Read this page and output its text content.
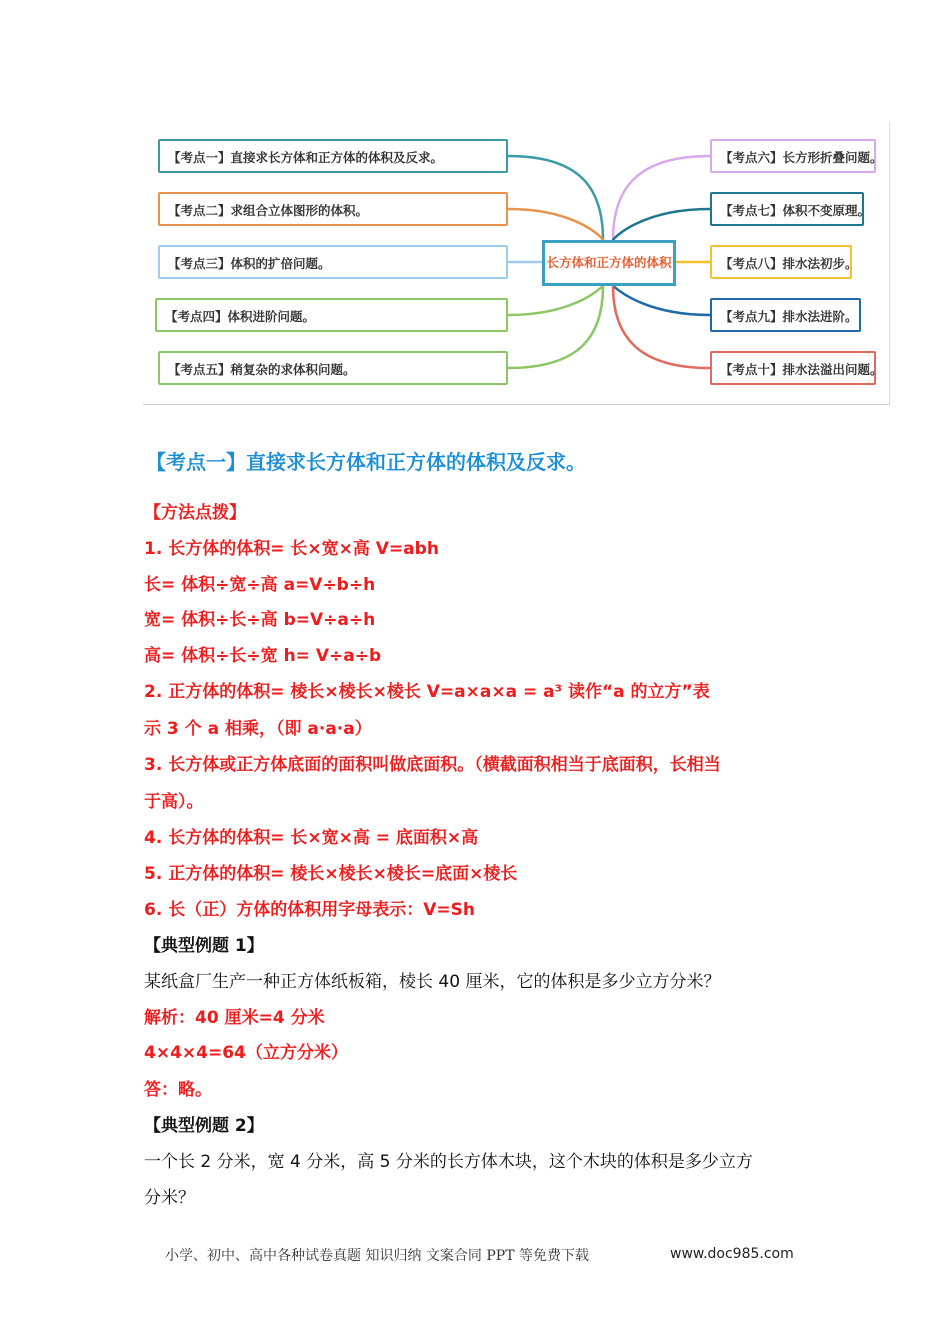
长方体和正方体的体积
【考点一】直接求长方体和正方体的体积及反求。
【考点二】求组合立体图形的体积。
【考点三】体积的扩倍问题。
【考点四】体积进阶问题。
【考点五】稍复杂的求体积问题。
【考点六】长方形折叠问题。
【考点七】体积不变原理。
【考点八】排水法初步。
【考点九】排水法进阶。
【考点十】排水法溢出问题。
【考点一】直接求长方体和正方体的体积及反求。
【方法点拨】
1. 长方体的体积= 长×宽×高 V=abh
长= 体积÷宽÷高 a=V÷b÷h
宽= 体积÷长÷高 b=V÷a÷h
高= 体积÷长÷宽 h= V÷a÷b
2. 正方体的体积= 棱长×棱长×棱长 V=a×a×a = a³ 读作“a 的立方”表
示 3 个 a 相乘，（即 a·a·a）
3. 长方体或正方体底面的面积叫做底面积。（横截面积相当于底面积，长相当
于高）。
4. 长方体的体积= 长×宽×高 = 底面积×高
5. 正方体的体积= 棱长×棱长×棱长=底面×棱长
6. 长（正）方体的体积用字母表示：V=Sh
【典型例题 1】
某纸盒厂生产一种正方体纸板箱，棱长 40 厘米，它的体积是多少立方分米？
解析：40 厘米=4 分米
4×4×4=64（立方分米）
答：略。
【典型例题 2】
一个长 2 分米，宽 4 分米，高 5 分米的长方体木块，这个木块的体积是多少立方
分米？
小学、初中、高中各种试卷真题 知识归纳 文案合同 PPT 等免费下载	www.doc985.com
